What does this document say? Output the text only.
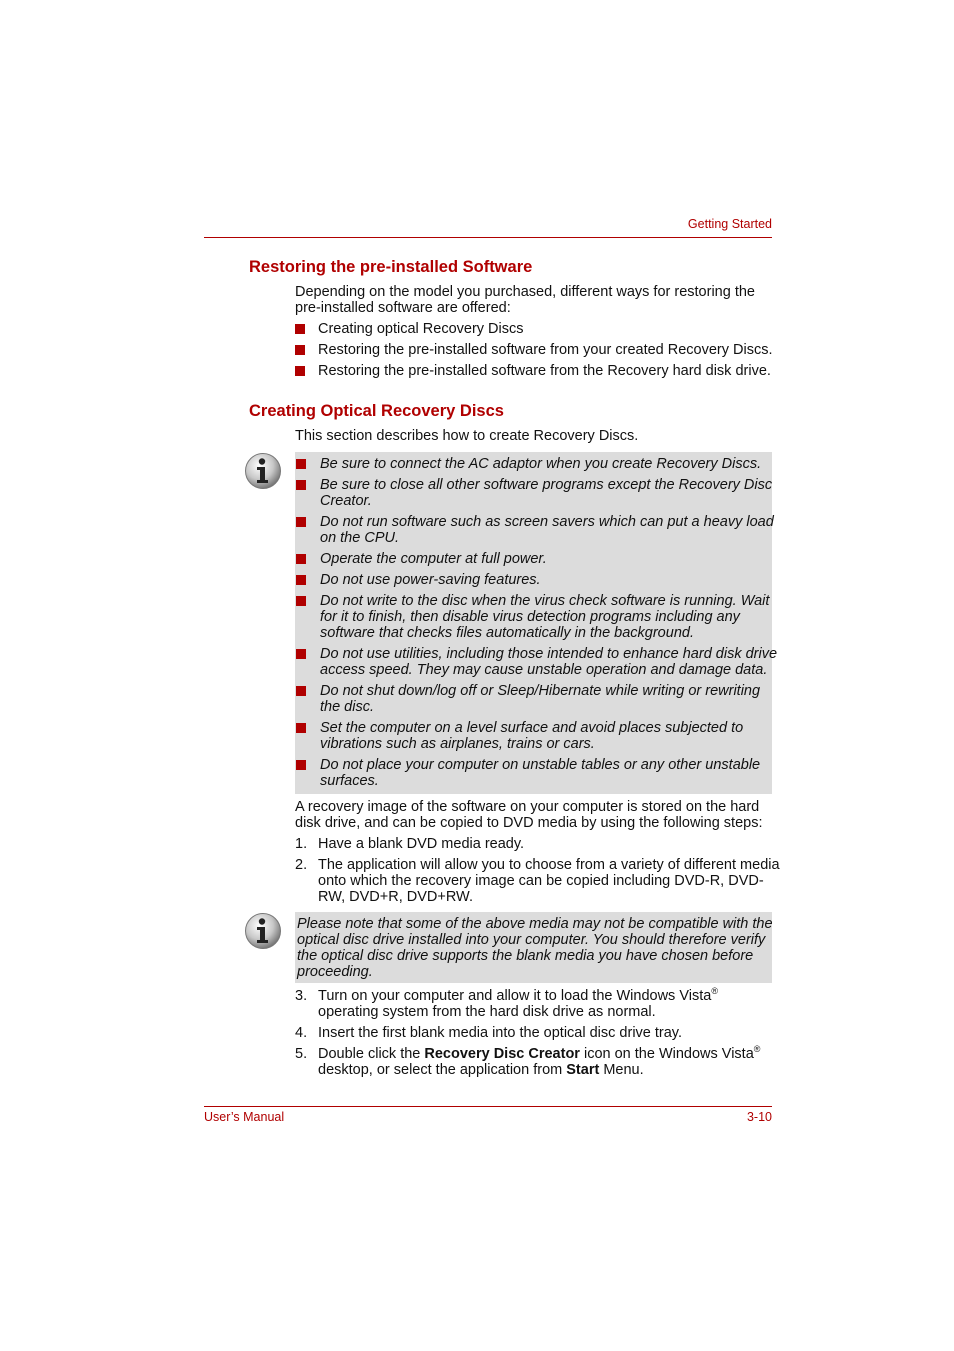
Getting Started
Restoring the pre-installed Software
Depending on the model you purchased, different ways for restoring the
pre-installed software are offered:
Creating optical Recovery Discs
Restoring the pre-installed software from your created Recovery Discs.
Restoring the pre-installed software from the Recovery hard disk drive.
Creating Optical Recovery Discs
This section describes how to create Recovery Discs.
Be sure to connect the AC adaptor when you create Recovery Discs.
Be sure to close all other software programs except the Recovery Disc
Creator.
Do not run software such as screen savers which can put a heavy load
on the CPU.
Operate the computer at full power.
Do not use power-saving features.
Do not write to the disc when the virus check software is running. Wait
for it to finish, then disable virus detection programs including any
software that checks files automatically in the background.
Do not use utilities, including those intended to enhance hard disk drive
access speed. They may cause unstable operation and damage data.
Do not shut down/log off or Sleep/Hibernate while writing or rewriting
the disc.
Set the computer on a level surface and avoid places subjected to
vibrations such as airplanes, trains or cars.
Do not place your computer on unstable tables or any other unstable
surfaces.
A recovery image of the software on your computer is stored on the hard
disk drive, and can be copied to DVD media by using the following steps:
1. Have a blank DVD media ready.
2. The application will allow you to choose from a variety of different media
onto which the recovery image can be copied including DVD-R, DVD-
RW, DVD+R, DVD+RW.
Please note that some of the above media may not be compatible with the
optical disc drive installed into your computer. You should therefore verify
the optical disc drive supports the blank media you have chosen before
proceeding.
3. Turn on your computer and allow it to load the Windows Vista®
operating system from the hard disk drive as normal.
4. Insert the first blank media into the optical disc drive tray.
5. Double click the Recovery Disc Creator icon on the Windows Vista®
desktop, or select the application from Start Menu.
User’s Manual	3-10
